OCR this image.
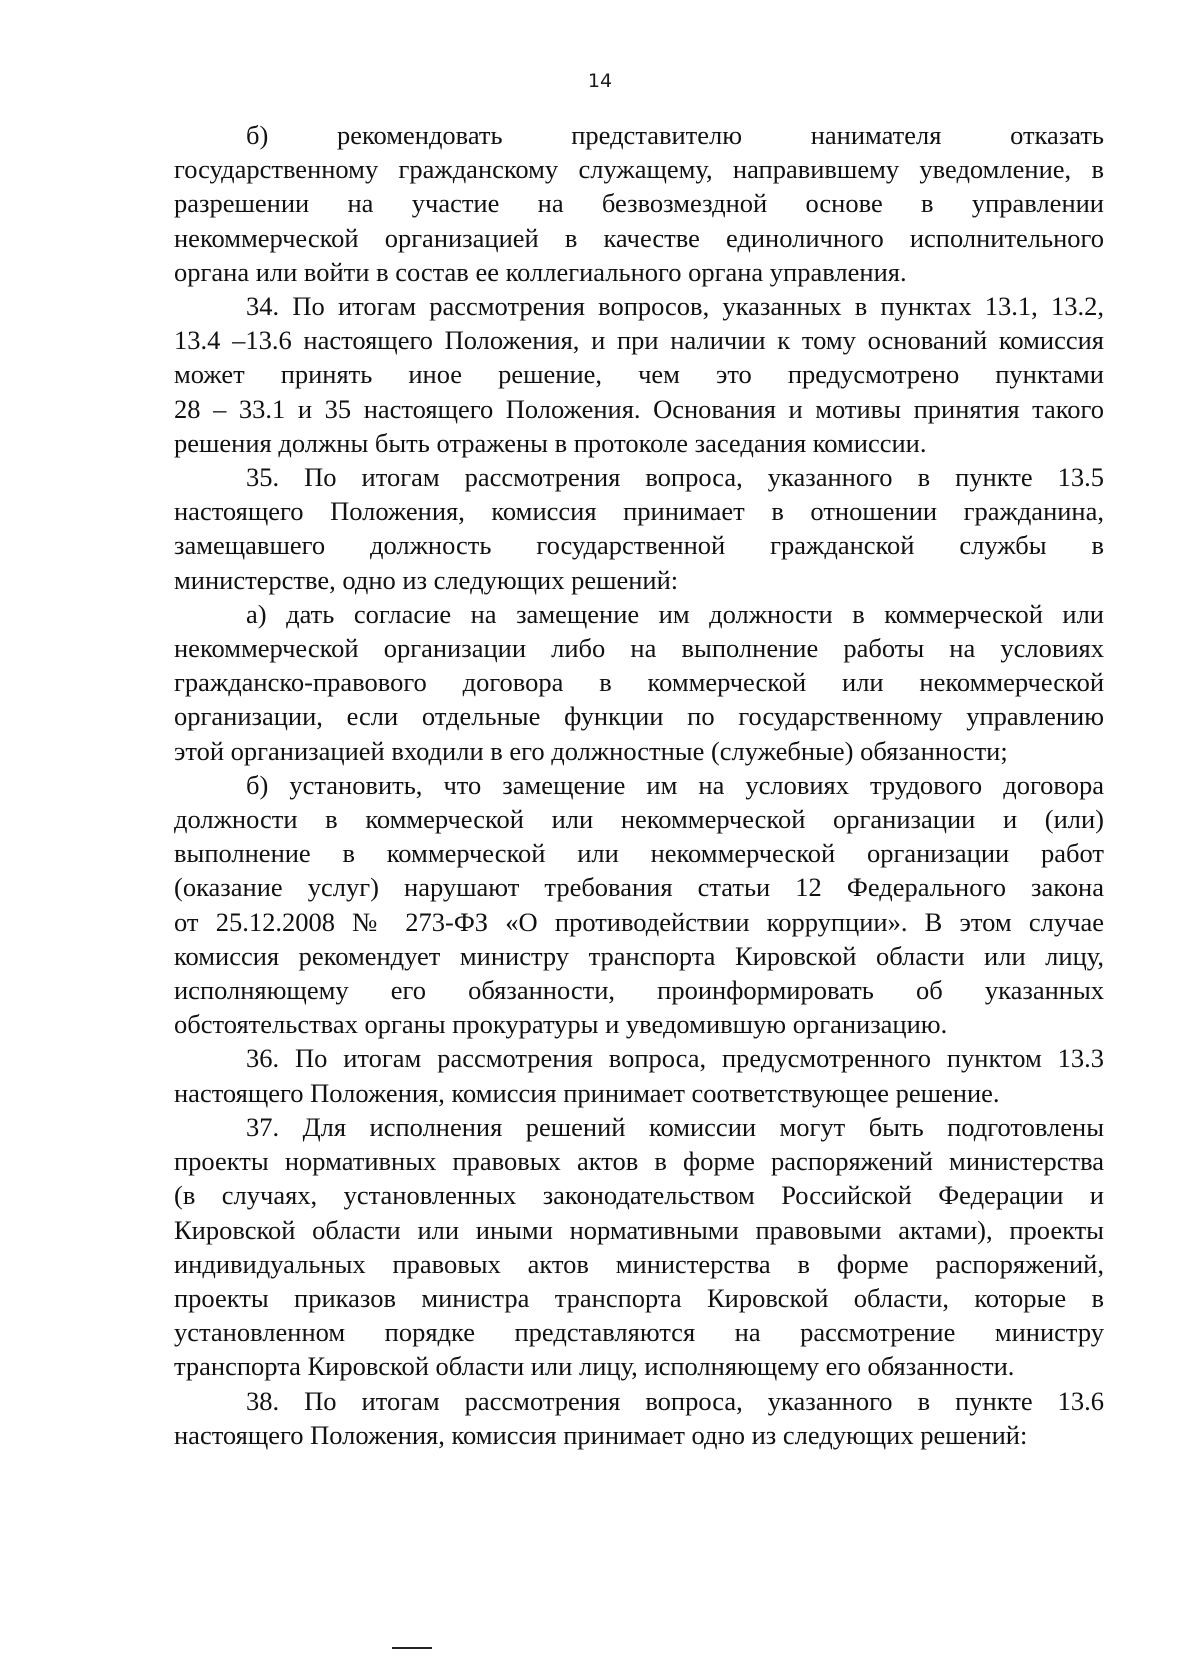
14
б) рекомендовать представителю нанимателя отказать
государственному гражданскому служащему, направившему уведомление, в
разрешении на участие на безвозмездной основе в управлении
некоммерческой организацией в качестве единоличного исполнительного
органа или войти в состав ее коллегиального органа управления.
34. По итогам рассмотрения вопросов, указанных в пунктах 13.1, 13.2,
13.4 –13.6 настоящего Положения, и при наличии к тому оснований комиссия
может принять иное решение, чем это предусмотрено пунктами
28 – 33.1 и 35 настоящего Положения. Основания и мотивы принятия такого
решения должны быть отражены в протоколе заседания комиссии.
35. По итогам рассмотрения вопроса, указанного в пункте 13.5
настоящего Положения, комиссия принимает в отношении гражданина,
замещавшего должность государственной гражданской службы в
министерстве, одно из следующих решений:
а) дать согласие на замещение им должности в коммерческой или
некоммерческой организации либо на выполнение работы на условиях
гражданско-правового договора в коммерческой или некоммерческой
организации, если отдельные функции по государственному управлению
этой организацией входили в его должностные (служебные) обязанности;
б) установить, что замещение им на условиях трудового договора
должности в коммерческой или некоммерческой организации и (или)
выполнение в коммерческой или некоммерческой организации работ
(оказание услуг) нарушают требования статьи 12 Федерального закона
от 25.12.2008 № 273-ФЗ «О противодействии коррупции». В этом случае
комиссия рекомендует министру транспорта Кировской области или лицу,
исполняющему его обязанности, проинформировать об указанных
обстоятельствах органы прокуратуры и уведомившую организацию.
36. По итогам рассмотрения вопроса, предусмотренного пунктом 13.3
настоящего Положения, комиссия принимает соответствующее решение.
37. Для исполнения решений комиссии могут быть подготовлены
проекты нормативных правовых актов в форме распоряжений министерства
(в случаях, установленных законодательством Российской Федерации и
Кировской области или иными нормативными правовыми актами), проекты
индивидуальных правовых актов министерства в форме распоряжений,
проекты приказов министра транспорта Кировской области, которые в
установленном порядке представляются на рассмотрение министру
транспорта Кировской области или лицу, исполняющему его обязанности.
38. По итогам рассмотрения вопроса, указанного в пункте 13.6
настоящего Положения, комиссия принимает одно из следующих решений:
